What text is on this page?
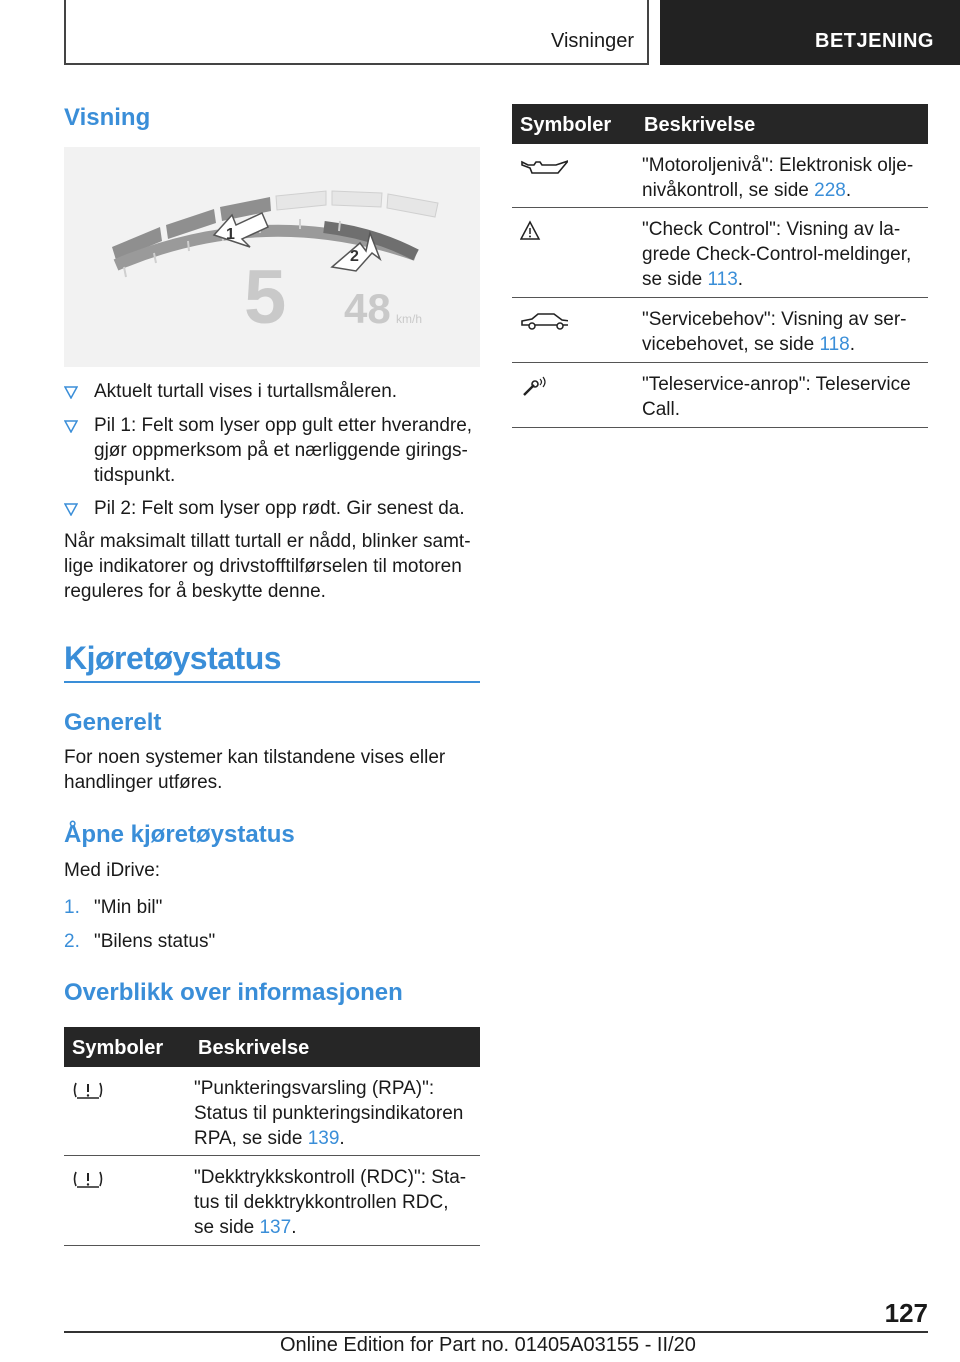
Visninger	BETJENING
Visning
1
2
5 48 km/h
Aktuelt turtall vises i turtallsmåleren.
Pil 1: Felt som lyser opp gult etter hverandre,
gjør oppmerksom på et nærliggende girings-
tidspunkt.
Pil 2: Felt som lyser opp rødt. Gir senest da.
Når maksimalt tillatt turtall er nådd, blinker samt-
lige indikatorer og drivstofftilførselen til motoren
reguleres for å beskytte denne.
Kjøretøystatus
Generelt
For noen systemer kan tilstandene vises eller
handlinger utføres.
Åpne kjøretøystatus
Med iDrive:
1. "Min bil"
2. "Bilens status"
Overblikk over informasjonen
Symboler Beskrivelse
"Punkteringsvarsling (RPA)":
Status til punkteringsindikatoren
RPA, se side 139.
"Dekktrykkskontroll (RDC)": Sta-
tus til dekktrykkontrollen RDC,
se side 137.
Symboler Beskrivelse
"Motoroljenivå": Elektronisk olje-
nivåkontroll, se side 228.
"Check Control": Visning av la-
grede Check-Control-meldinger,
se side 113.
"Servicebehov": Visning av ser-
vicebehovet, se side 118.
"Teleservice-anrop": Teleservice
Call.
127
Online Edition for Part no. 01405A03155 - II/20
